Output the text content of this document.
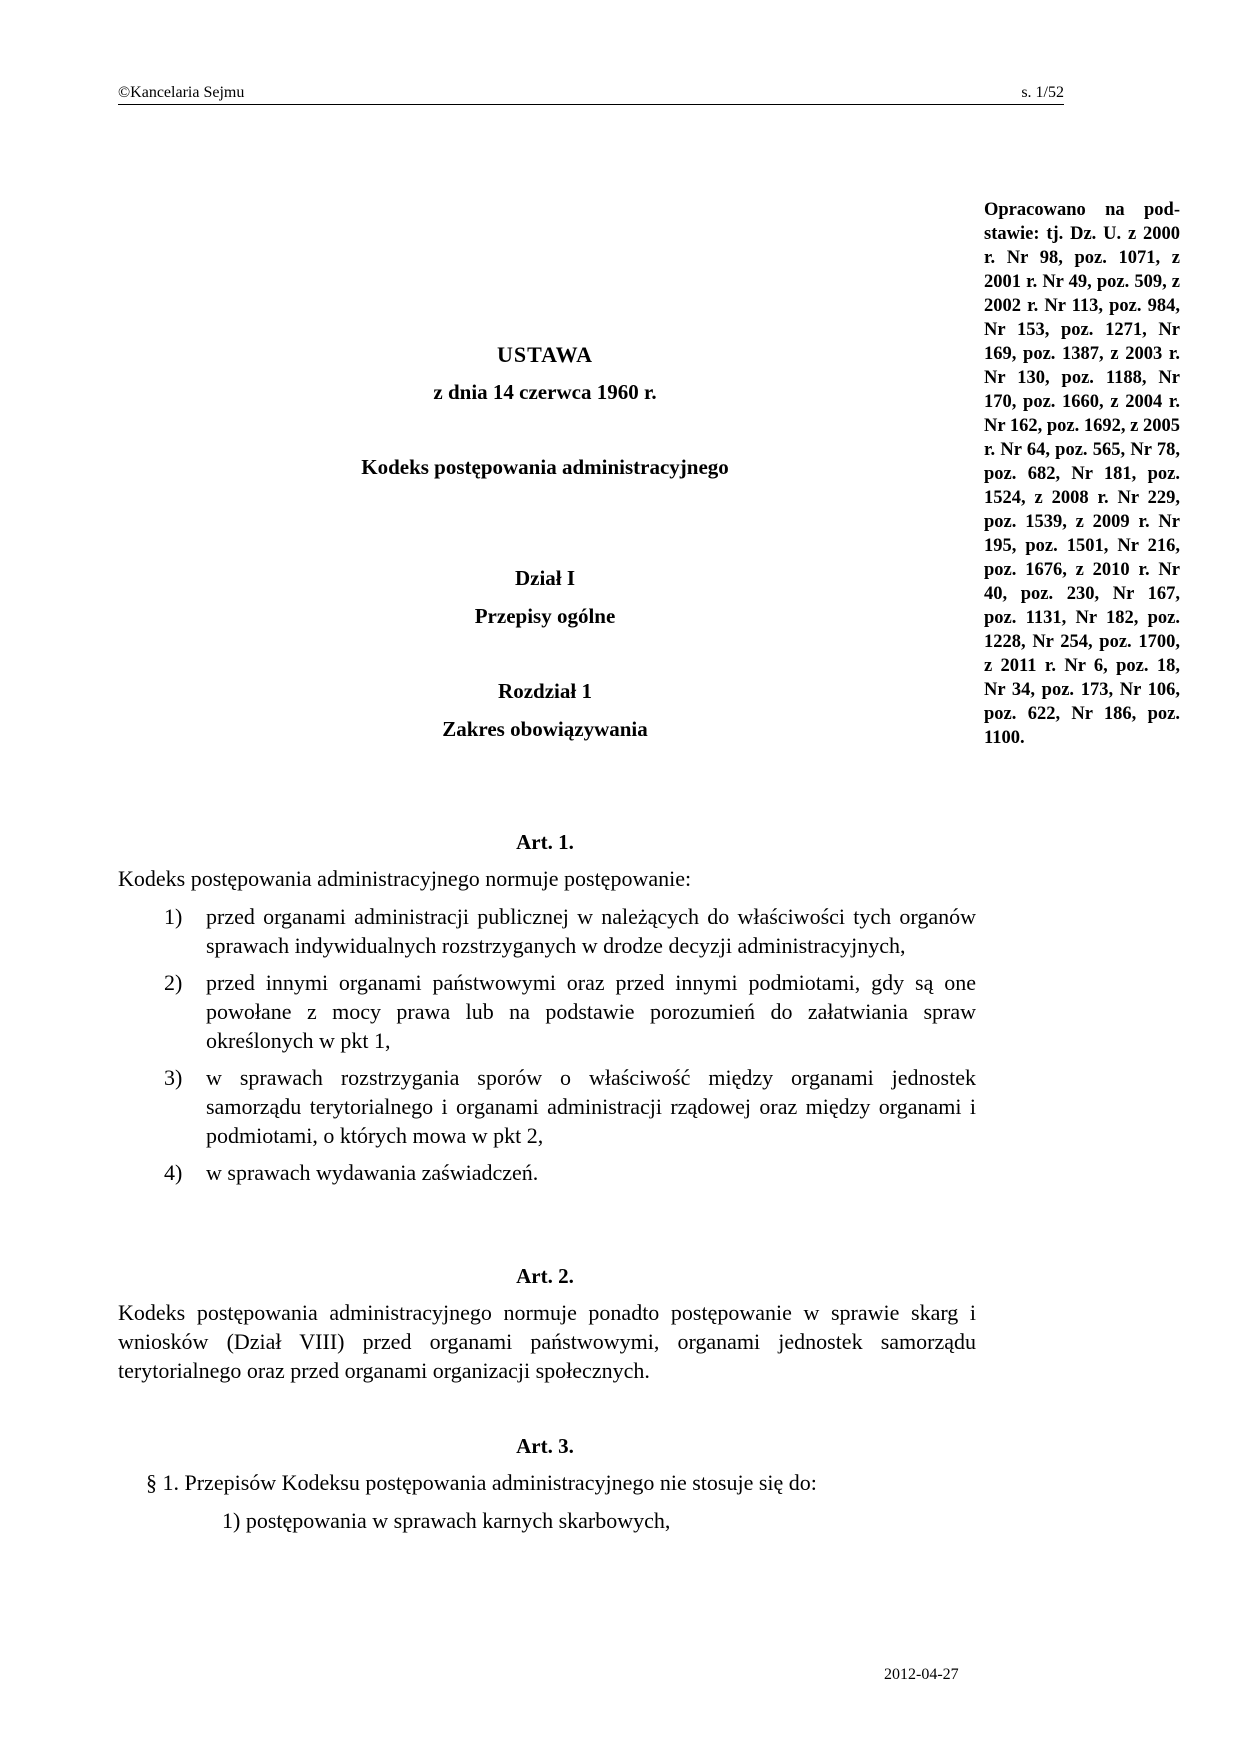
©Kancelaria Sejmu	s. 1/52
Opracowano na podstawie: tj. Dz. U. z 2000 r. Nr 98, poz. 1071, z 2001 r. Nr 49, poz. 509, z 2002 r. Nr 113, poz. 984, Nr 153, poz. 1271, Nr 169, poz. 1387, z 2003 r. Nr 130, poz. 1188, Nr 170, poz. 1660, z 2004 r. Nr 162, poz. 1692, z 2005 r. Nr 64, poz. 565, Nr 78, poz. 682, Nr 181, poz. 1524, z 2008 r. Nr 229, poz. 1539, z 2009 r. Nr 195, poz. 1501, Nr 216, poz. 1676, z 2010 r. Nr 40, poz. 230, Nr 167, poz. 1131, Nr 182, poz. 1228, Nr 254, poz. 1700, z 2011 r. Nr 6, poz. 18, Nr 34, poz. 173, Nr 106, poz. 622, Nr 186, poz. 1100.
USTAWA
z dnia 14 czerwca 1960 r.
Kodeks postępowania administracyjnego
Dział I
Przepisy ogólne
Rozdział 1
Zakres obowiązywania
Art. 1.
Kodeks postępowania administracyjnego normuje postępowanie:
1) przed organami administracji publicznej w należących do właściwości tych organów sprawach indywidualnych rozstrzyganych w drodze decyzji administracyjnych,
2) przed innymi organami państwowymi oraz przed innymi podmiotami, gdy są one powołane z mocy prawa lub na podstawie porozumień do załatwiania spraw określonych w pkt 1,
3) w sprawach rozstrzygania sporów o właściwość między organami jednostek samorządu terytorialnego i organami administracji rządowej oraz między organami i podmiotami, o których mowa w pkt 2,
4) w sprawach wydawania zaświadczeń.
Art. 2.
Kodeks postępowania administracyjnego normuje ponadto postępowanie w sprawie skarg i wniosków (Dział VIII) przed organami państwowymi, organami jednostek samorządu terytorialnego oraz przed organami organizacji społecznych.
Art. 3.
§ 1. Przepisów Kodeksu postępowania administracyjnego nie stosuje się do:
1) postępowania w sprawach karnych skarbowych,
2012-04-27
